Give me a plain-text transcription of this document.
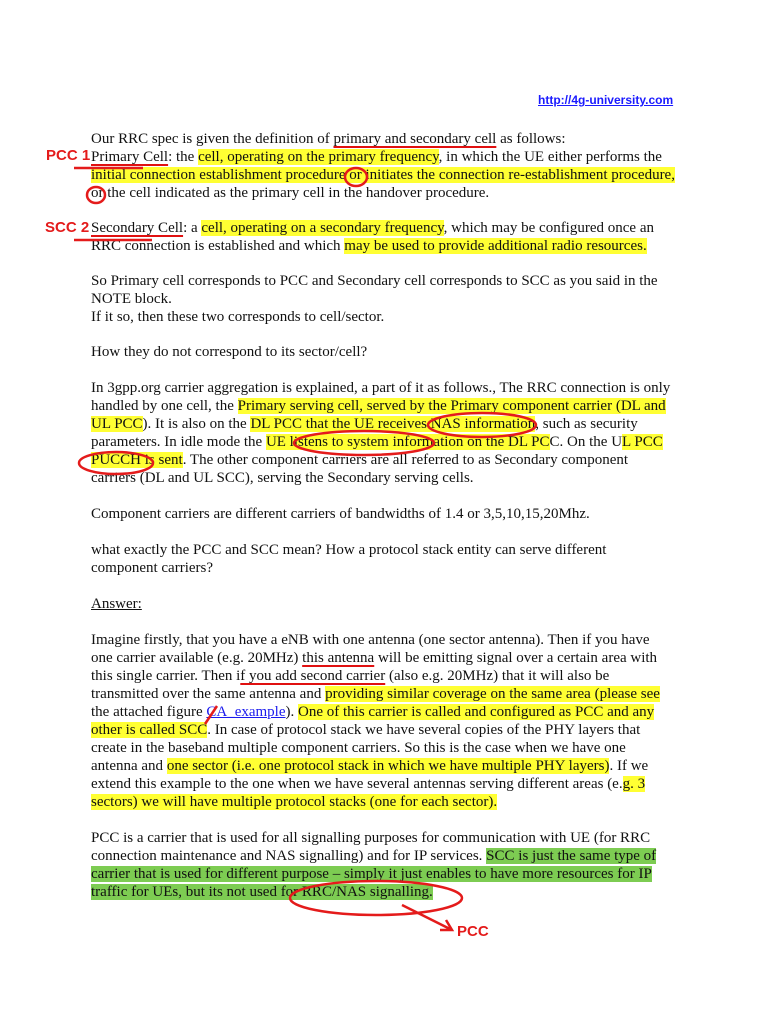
http://4g-university.com
Our RRC spec is given the definition of primary and secondary cell as follows:
Primary Cell: the cell, operating on the primary frequency, in which the UE either performs the
initial connection establishment procedure or initiates the connection re-establishment procedure,
or the cell indicated as the primary cell in the handover procedure.
Secondary Cell: a cell, operating on a secondary frequency, which may be configured once an
RRC connection is established and which may be used to provide additional radio resources.
So Primary cell corresponds to PCC and Secondary cell corresponds to SCC as you said in the
NOTE block.
If it so, then these two corresponds to cell/sector.
How they do not correspond to its sector/cell?
In 3gpp.org carrier aggregation is explained, a part of it as follows., The RRC connection is only
handled by one cell, the Primary serving cell, served by the Primary component carrier (DL and
UL PCC). It is also on the DL PCC that the UE receives NAS information, such as security
parameters. In idle mode the UE listens to system information on the DL PCC. On the UL PCC
PUCCH is sent. The other component carriers are all referred to as Secondary component
carriers (DL and UL SCC), serving the Secondary serving cells.
Component carriers are different carriers of bandwidths of 1.4 or 3,5,10,15,20Mhz.
what exactly the PCC and SCC mean? How a protocol stack entity can serve different
component carriers?
Answer:
Imagine firstly, that you have a eNB with one antenna (one sector antenna). Then if you have
one carrier available (e.g. 20MHz) this antenna will be emitting signal over a certain area with
this single carrier. Then if you add second carrier (also e.g. 20MHz) that it will also be
transmitted over the same antenna and providing similar coverage on the same area (please see
the attached figure CA_example). One of this carrier is called and configured as PCC and any
other is called SCC. In case of protocol stack we have several copies of the PHY layers that
create in the baseband multiple component carriers. So this is the case when we have one
antenna and one sector (i.e. one protocol stack in which we have multiple PHY layers). If we
extend this example to the one when we have several antennas serving different areas (e.g. 3
sectors) we will have multiple protocol stacks (one for each sector).
PCC is a carrier that is used for all signalling purposes for communication with UE (for RRC
connection maintenance and NAS signalling) and for IP services. SCC is just the same type of
carrier that is used for different purpose – simply it just enables to have more resources for IP
traffic for UEs, but its not used for RRC/NAS signalling.
PCC 1
SCC 2
PCC
